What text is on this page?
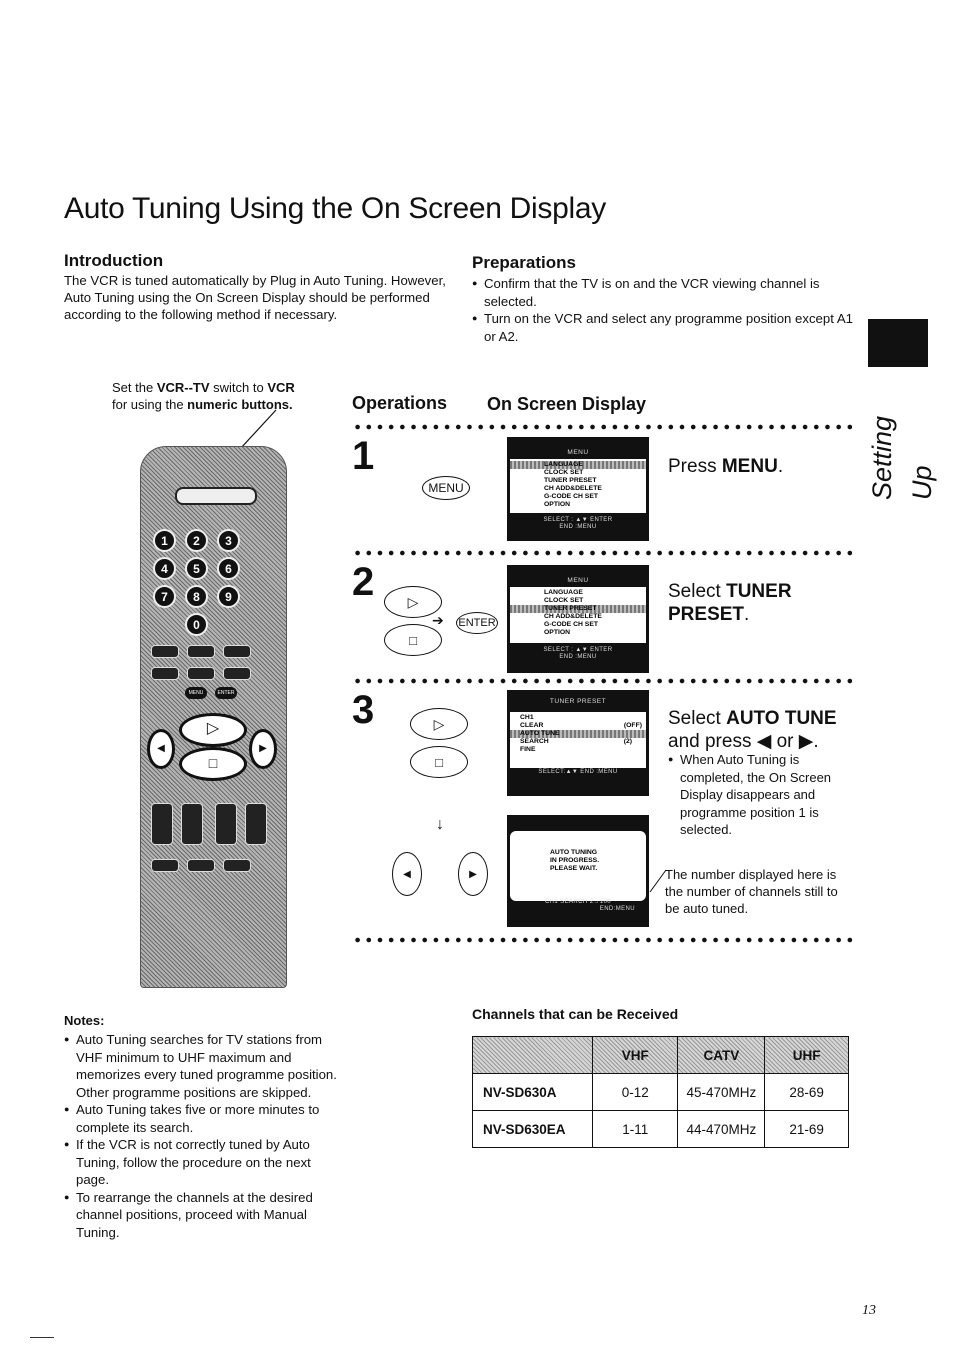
Auto Tuning Using the On Screen Display
Introduction
The VCR is tuned automatically by Plug in Auto Tuning. However, Auto Tuning using the On Screen Display should be performed according to the following method if necessary.
Preparations
● Confirm that the TV is on and the VCR viewing channel is selected.
● Turn on the VCR and select any programme position except A1 or A2.
Setting Up
Set the VCR--TV switch to VCR
for using the numeric buttons.
1	2	3
4	5	6
7	8	9
0
MENU	ENTER
▷
□
◀	▶
Operations On Screen Display
1
MENU
MENU
LANGUAGE
CLOCK SET
TUNER PRESET
CH ADD&DELETE
G-CODE CH SET
OPTION
SELECT : ▲▼ ENTER
END :MENU
Press MENU.
2	▷
□
➔ ENTER
MENU
LANGUAGE
CLOCK SET
TUNER PRESET
CH ADD&DELETE
G-CODE CH SET
OPTION
SELECT : ▲▼ ENTER
END :MENU
Select TUNER PRESET.
3	▷
□
TUNER PRESET
CH1
CLEAR	(OFF)
AUTO TUNE
SEARCH	(2)
FINE
SELECT:▲▼ END :MENU
↓
◀	▶
AUTO TUNING
IN PROGRESS.
PLEASE WAIT.
CH1 SEARCH 2→100
END:MENU
Select AUTO TUNE
and press ◀ or ▶.
● When Auto Tuning is completed, the On Screen Display disappears and programme position 1 is selected.
The number displayed here is the number of channels still to be auto tuned.
Notes:
● Auto Tuning searches for TV stations from VHF minimum to UHF maximum and memorizes every tuned programme position. Other programme positions are skipped.
● Auto Tuning takes five or more minutes to complete its search.
● If the VCR is not correctly tuned by Auto Tuning, follow the procedure on the next page.
● To rearrange the channels at the desired channel positions, proceed with Manual Tuning.
Channels that can be Received
	VHF	CATV	UHF
NV-SD630A	0-12	45-470MHz	28-69
NV-SD630EA	1-11	44-470MHz	21-69
13
